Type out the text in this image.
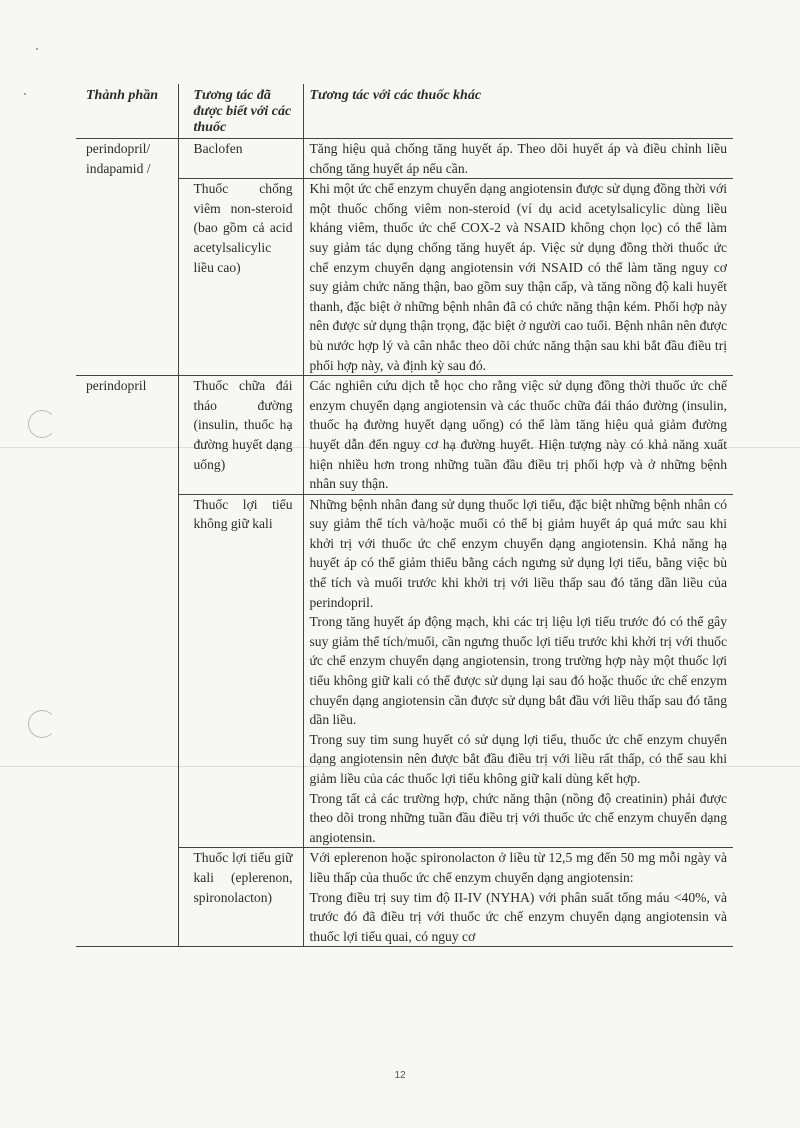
Thành phần	Tương tác đã được biết với các thuốc	Tương tác với các thuốc khác
perindopril/ indapamid /	Baclofen	Tăng hiệu quả chống tăng huyết áp. Theo dõi huyết áp và điều chỉnh liều chống tăng huyết áp nếu cần.
	Thuốc chống viêm non-steroid (bao gồm cả acid acetylsalicylic liều cao)	Khi một ức chế enzym chuyển dạng angiotensin được sử dụng đồng thời với một thuốc chống viêm non-steroid (ví dụ acid acetylsalicylic dùng liều kháng viêm, thuốc ức chế COX-2 và NSAID không chọn lọc) có thể làm suy giảm tác dụng chống tăng huyết áp. Việc sử dụng đồng thời thuốc ức chế enzym chuyển dạng angiotensin với NSAID có thể làm tăng nguy cơ suy giảm chức năng thận, bao gồm suy thận cấp, và tăng nồng độ kali huyết thanh, đặc biệt ở những bệnh nhân đã có chức năng thận kém. Phối hợp này nên được sử dụng thận trọng, đặc biệt ở người cao tuổi. Bệnh nhân nên được bù nước hợp lý và cân nhắc theo dõi chức năng thận sau khi bắt đầu điều trị phối hợp này, và định kỳ sau đó.
perindopril	Thuốc chữa đái tháo đường (insulin, thuốc hạ đường huyết dạng uống)	Các nghiên cứu dịch tễ học cho rằng việc sử dụng đồng thời thuốc ức chế enzym chuyển dạng angiotensin và các thuốc chữa đái tháo đường (insulin, thuốc hạ đường huyết dạng uống) có thể làm tăng hiệu quả giảm đường huyết dẫn đến nguy cơ hạ đường huyết. Hiện tượng này có khả năng xuất hiện nhiều hơn trong những tuần đầu điều trị phối hợp và ở những bệnh nhân suy thận.
	Thuốc lợi tiểu không giữ kali	Những bệnh nhân đang sử dụng thuốc lợi tiểu, đặc biệt những bệnh nhân có suy giảm thể tích và/hoặc muối có thể bị giảm huyết áp quá mức sau khi khởi trị với thuốc ức chế enzym chuyển dạng angiotensin. Khả năng hạ huyết áp có thể giảm thiểu bằng cách ngưng sử dụng lợi tiểu, bằng việc bù thể tích và muối trước khi khởi trị với liều thấp sau đó tăng dần liều của perindopril.
Trong tăng huyết áp động mạch, khi các trị liệu lợi tiểu trước đó có thể gây suy giảm thể tích/muối, cần ngưng thuốc lợi tiểu trước khi khởi trị với thuốc ức chế enzym chuyển dạng angiotensin, trong trường hợp này một thuốc lợi tiểu không giữ kali có thể được sử dụng lại sau đó hoặc thuốc ức chế enzym chuyển dạng angiotensin cần được sử dụng bắt đầu với liều thấp sau đó tăng dần liều.
Trong suy tim sung huyết có sử dụng lợi tiểu, thuốc ức chế enzym chuyển dạng angiotensin nên được bắt đầu điều trị với liều rất thấp, có thể sau khi giảm liều của các thuốc lợi tiểu không giữ kali dùng kết hợp.
Trong tất cả các trường hợp, chức năng thận (nồng độ creatinin) phải được theo dõi trong những tuần đầu điều trị với thuốc ức chế enzym chuyển dạng angiotensin.
	Thuốc lợi tiểu giữ kali (eplerenon, spironolacton)	Với eplerenon hoặc spironolacton ở liều từ 12,5 mg đến 50 mg mỗi ngày và liều thấp của thuốc ức chế enzym chuyển dạng angiotensin:
Trong điều trị suy tim độ II-IV (NYHA) với phân suất tống máu <40%, và trước đó đã điều trị với thuốc ức chế enzym chuyển dạng angiotensin và thuốc lợi tiểu quai, có nguy cơ
12
